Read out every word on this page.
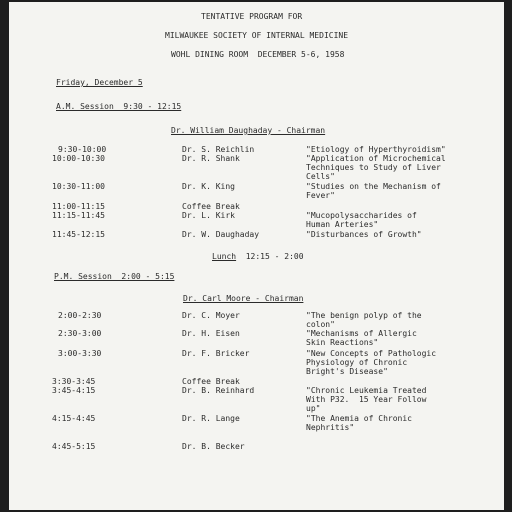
TENTATIVE PROGRAM FOR
MILWAUKEE SOCIETY OF INTERNAL MEDICINE
WOHL DINING ROOM  DECEMBER 5-6, 1958
Friday, December 5
A.M. Session  9:30 - 12:15
Dr. William Daughaday - Chairman
9:30-10:00	Dr. S. Reichlin	"Etiology of Hyperthyroidism"
10:00-10:30	Dr. R. Shank	"Application of Microchemical
Techniques to Study of Liver
Cells"
10:30-11:00	Dr. K. King	"Studies on the Mechanism of
Fever"
11:00-11:15	Coffee Break
11:15-11:45	Dr. L. Kirk	"Mucopolysaccharides of
Human Arteries"
11:45-12:15	Dr. W. Daughaday	"Disturbances of Growth"
Lunch  12:15 - 2:00
P.M. Session  2:00 - 5:15
Dr. Carl Moore - Chairman
2:00-2:30	Dr. C. Moyer	"The benign polyp of the
colon"
2:30-3:00	Dr. H. Eisen	"Mechanisms of Allergic
Skin Reactions"
3:00-3:30	Dr. F. Bricker	"New Concepts of Pathologic
Physiology of Chronic
Bright's Disease"
3:30-3:45	Coffee Break
3:45-4:15	Dr. B. Reinhard	"Chronic Leukemia Treated
With P32.  15 Year Follow
up"
4:15-4:45	Dr. R. Lange	"The Anemia of Chronic
Nephritis"
4:45-5:15	Dr. B. Becker
